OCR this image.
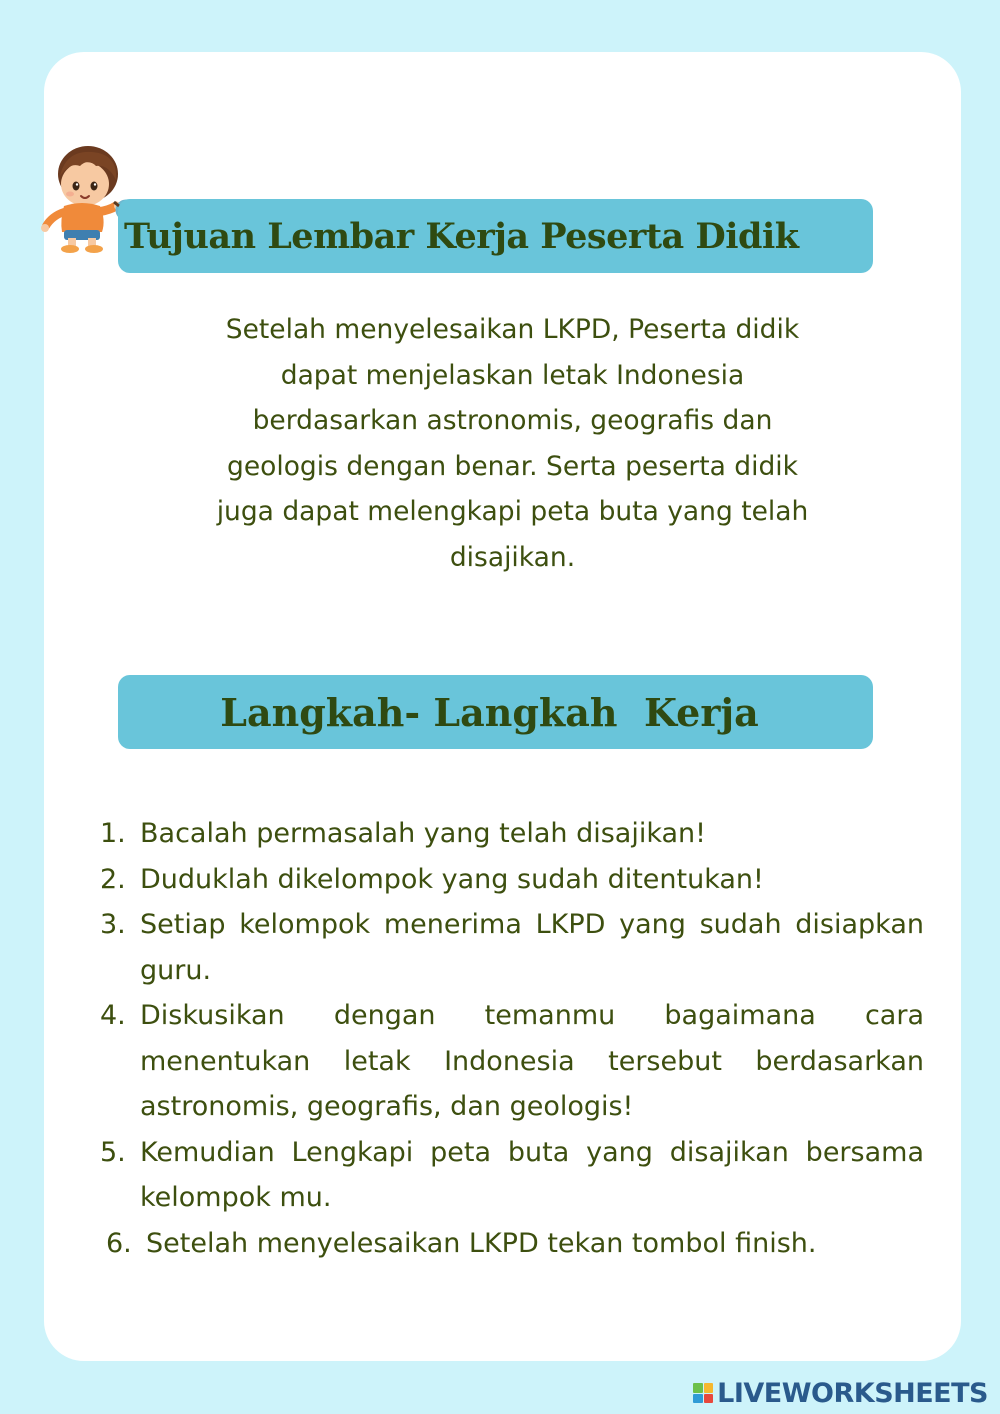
Tujuan Lembar Kerja Peserta Didik
Setelah menyelesaikan LKPD, Peserta didik
dapat menjelaskan letak Indonesia
berdasarkan astronomis, geografis dan
geologis dengan benar. Serta peserta didik
juga dapat melengkapi peta buta yang telah
disajikan.
Langkah- Langkah  Kerja
1. Bacalah permasalah yang telah disajikan!
2. Duduklah dikelompok yang sudah ditentukan!
3. Setiap kelompok menerima LKPD yang sudah disiapkan guru.
4. Diskusikan dengan temanmu bagaimana cara menentukan letak Indonesia tersebut berdasarkan astronomis, geografis, dan geologis!
5. Kemudian Lengkapi peta buta yang disajikan bersama kelompok mu.
6. Setelah menyelesaikan LKPD tekan tombol finish.
LIVEWORKSHEETS
